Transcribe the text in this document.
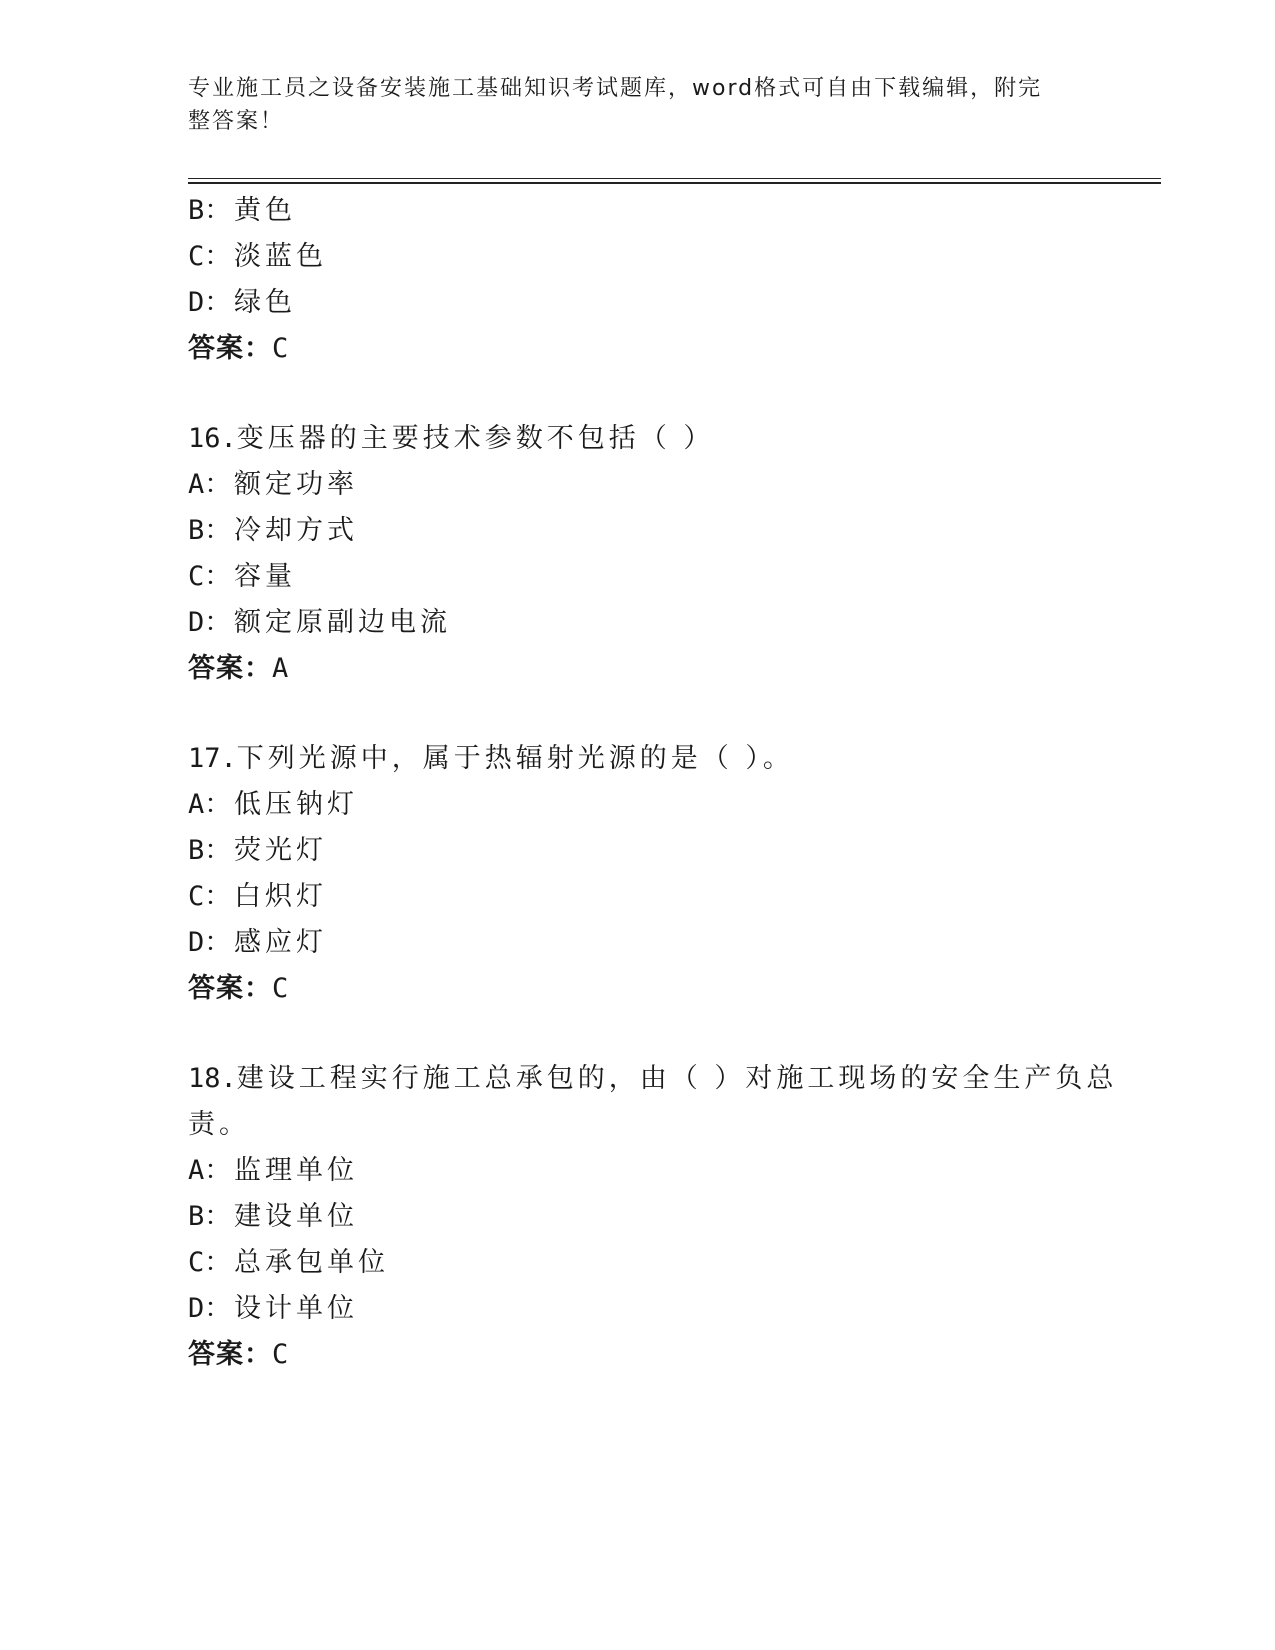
专业施工员之设备安装施工基础知识考试题库，word格式可自由下载编辑，附完
整答案！
B： 黄色
C： 淡蓝色
D： 绿色
答案：C
16.变压器的主要技术参数不包括（ ）
A： 额定功率
B： 冷却方式
C： 容量
D： 额定原副边电流
答案：A
17.下列光源中，属于热辐射光源的是（ ）。
A： 低压钠灯
B： 荧光灯
C： 白炽灯
D： 感应灯
答案：C
18.建设工程实行施工总承包的，由（ ）对施工现场的安全生产负总
责。
A： 监理单位
B： 建设单位
C： 总承包单位
D： 设计单位
答案：C
